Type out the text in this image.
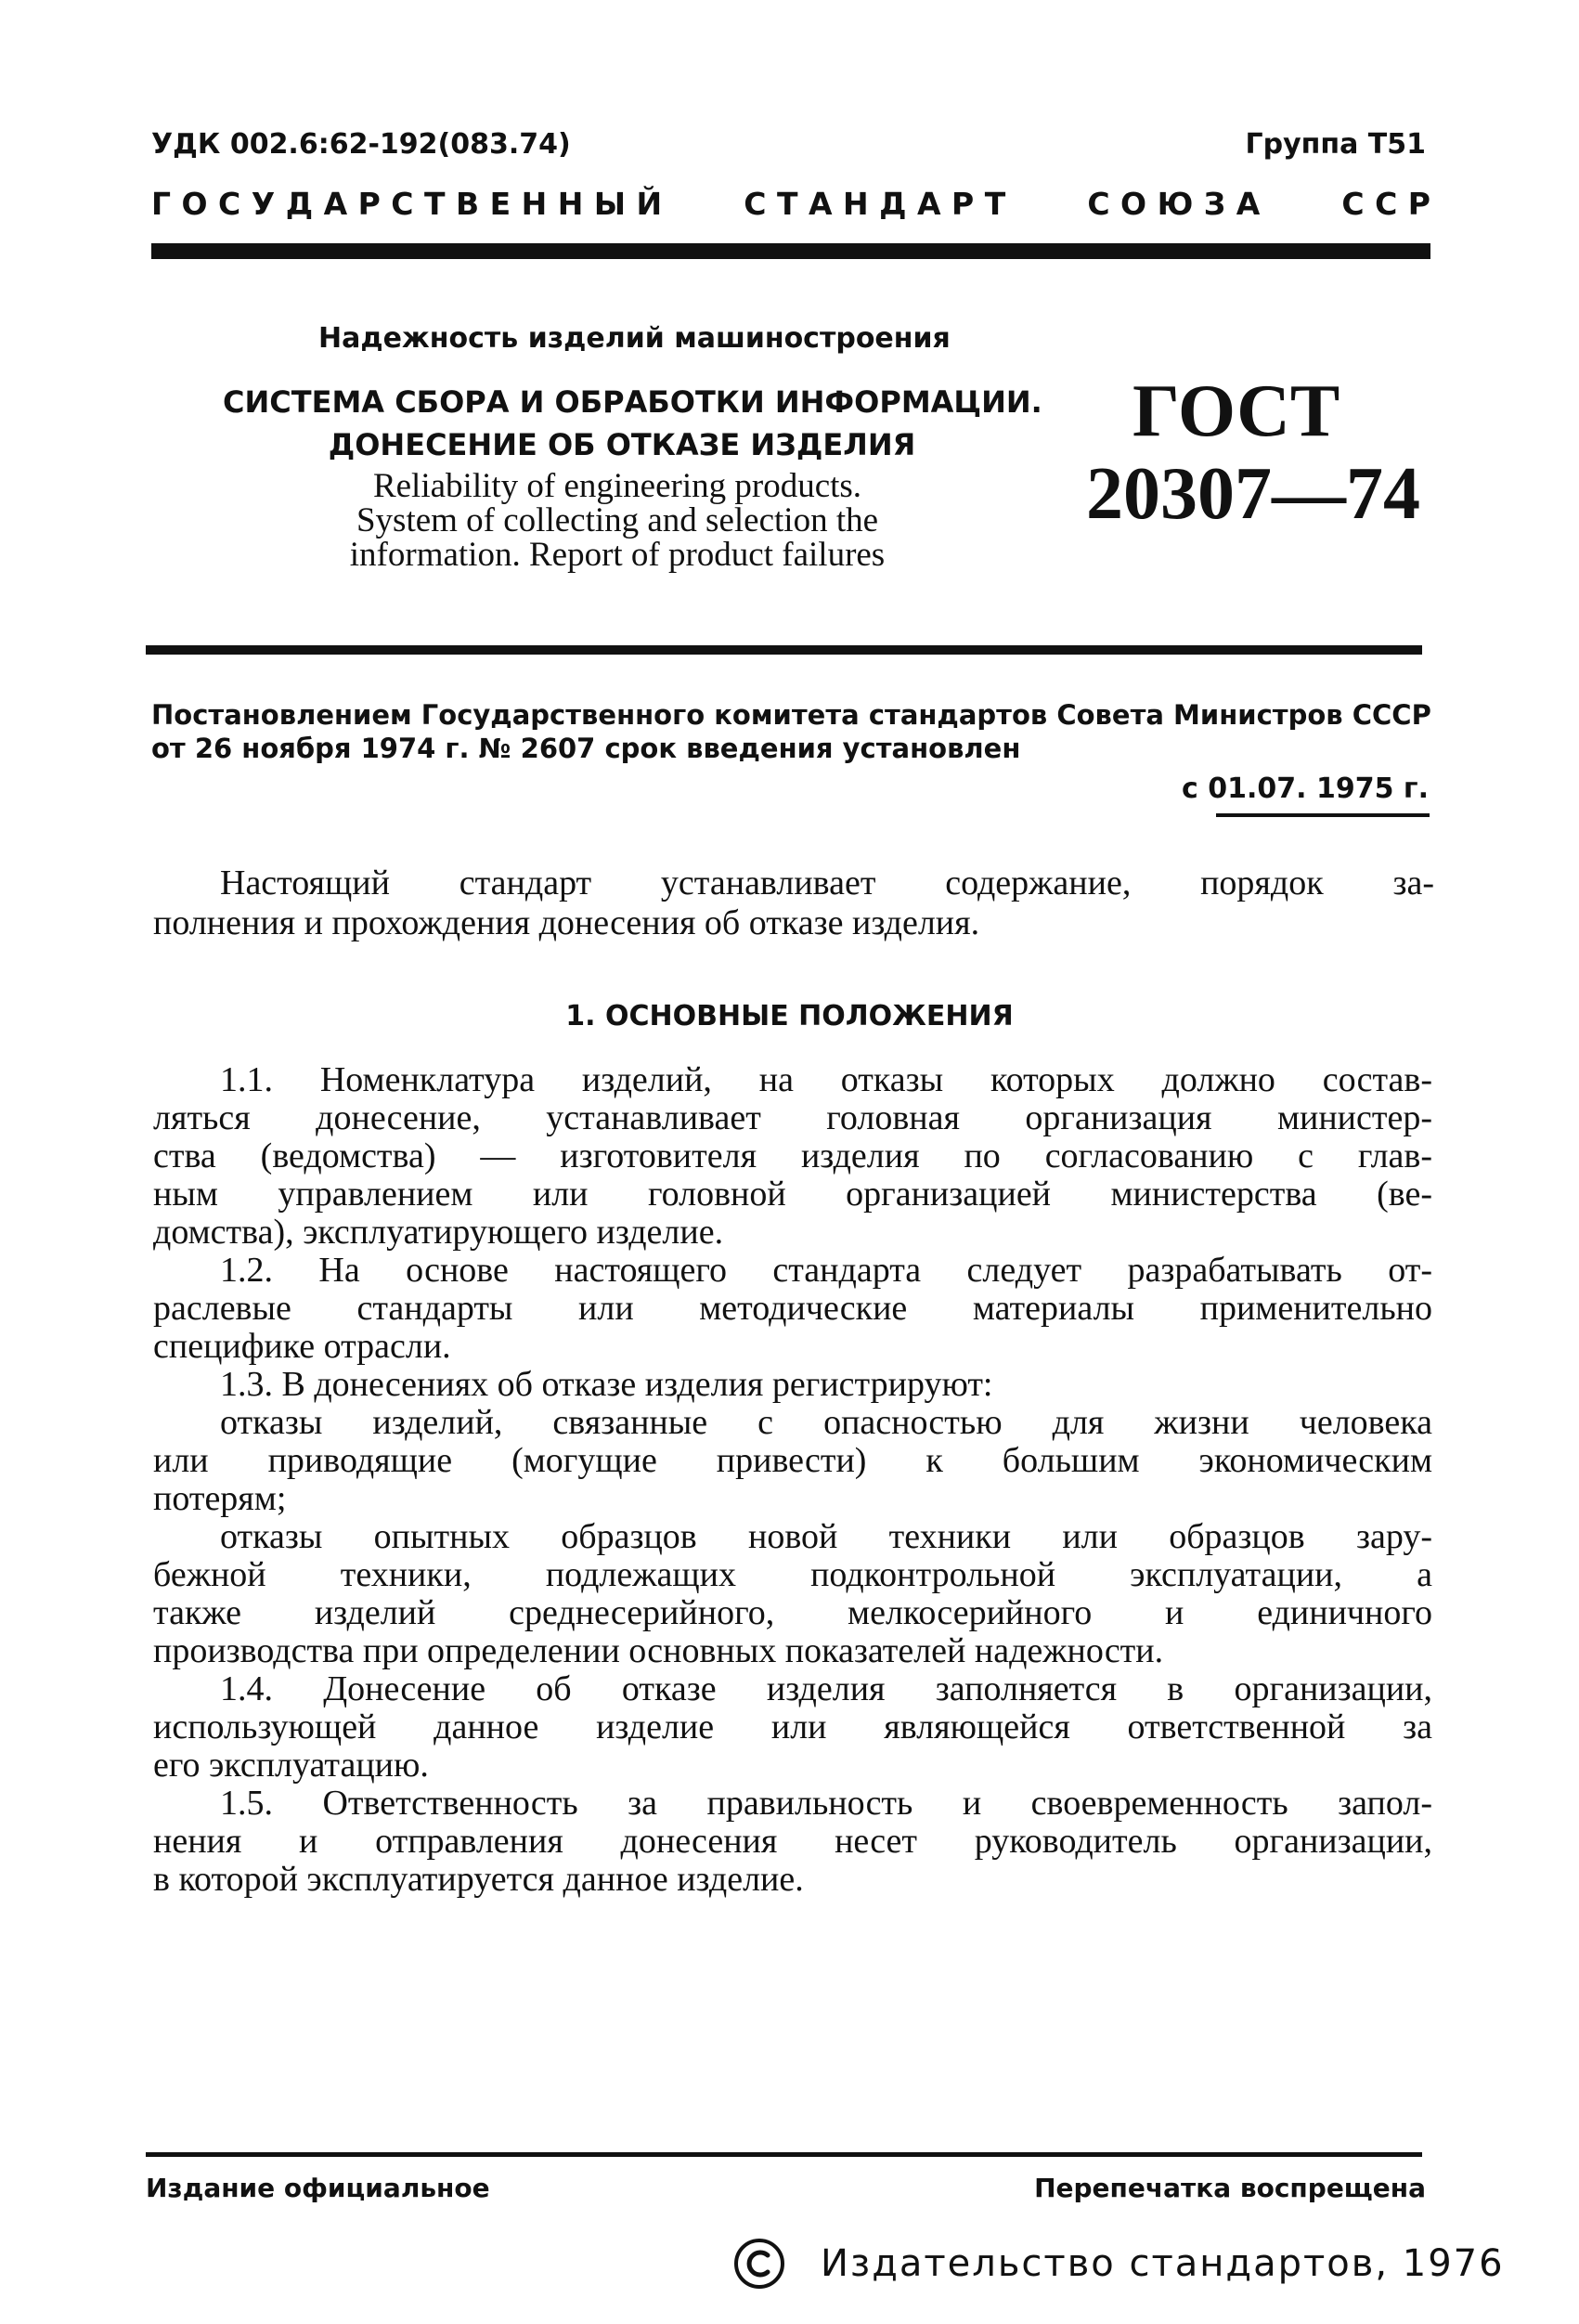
УДК 002.6:62-192(083.74)	Группа Т51
Г О С У Д А Р С Т В Е Н Н Ы Й	С Т А Н Д А Р Т	С О Ю З А	С С Р
Надежность изделий машиностроения
СИСТЕМА СБОРА И ОБРАБОТКИ ИНФОРМАЦИИ.
ДОНЕСЕНИЕ ОБ ОТКАЗЕ ИЗДЕЛИЯ
Reliability of engineering products.
System of collecting and selection the
information. Report of product failures
ГОСТ
20307—74
Постановлением Государственного комитета стандартов Совета Министров СССР
от 26 ноября 1974 г. № 2607 срок введения установлен
с 01.07. 1975 г.
Настоящий стандарт устанавливает содержание, порядок за-
полнения и прохождения донесения об отказе изделия.
1. ОСНОВНЫЕ ПОЛОЖЕНИЯ
1.1. Номенклатура изделий, на отказы которых должно состав-
ляться донесение, устанавливает головная организация министер-
ства (ведомства) — изготовителя изделия по согласованию с глав-
ным управлением или головной организацией министерства (ве-
домства), эксплуатирующего изделие.
1.2. На основе настоящего стандарта следует разрабатывать от-
раслевые стандарты или методические материалы применительно
специфике отрасли.
1.3. В донесениях об отказе изделия регистрируют:
отказы изделий, связанные с опасностью для жизни человека
или приводящие (могущие привести) к большим экономическим
потерям;
отказы опытных образцов новой техники или образцов зару-
бежной техники, подлежащих подконтрольной эксплуатации, а
также изделий среднесерийного, мелкосерийного и единичного
производства при определении основных показателей надежности.
1.4. Донесение об отказе изделия заполняется в организации,
использующей данное изделие или являющейся ответственной за
его эксплуатацию.
1.5. Ответственность за правильность и своевременность запол-
нения и отправления донесения несет руководитель организации,
в которой эксплуатируется данное изделие.
Издание официальное	Перепечатка воспрещена
Издательство стандартов, 1976
